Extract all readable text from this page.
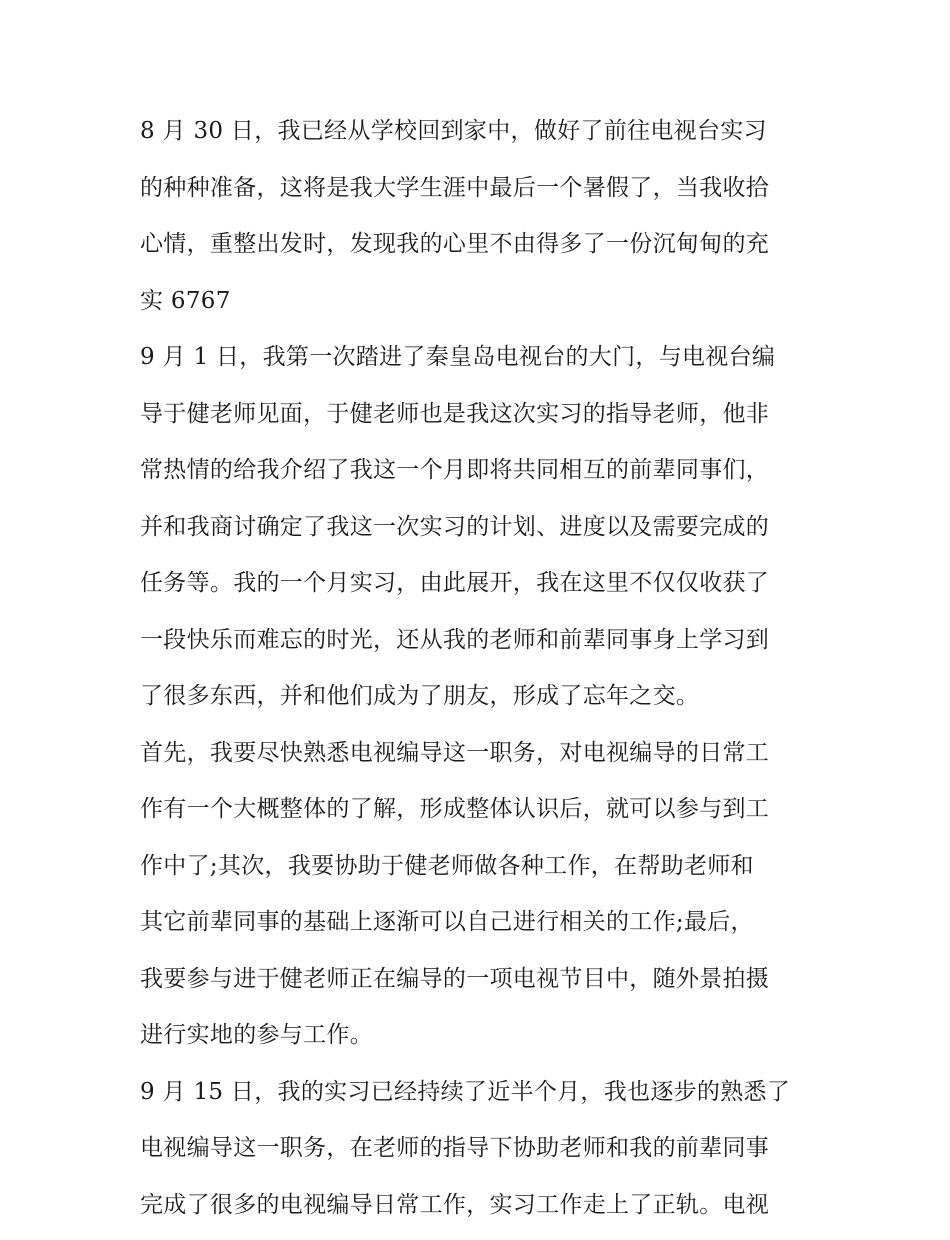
8 月 30 日，我已经从学校回到家中，做好了前往电视台实习
的种种准备，这将是我大学生涯中最后一个暑假了，当我收拾
心情，重整出发时，发现我的心里不由得多了一份沉甸甸的充
实 6767
9 月 1 日，我第一次踏进了秦皇岛电视台的大门，与电视台编
导于健老师见面，于健老师也是我这次实习的指导老师，他非
常热情的给我介绍了我这一个月即将共同相互的前辈同事们，
并和我商讨确定了我这一次实习的计划、进度以及需要完成的
任务等。我的一个月实习，由此展开，我在这里不仅仅收获了
一段快乐而难忘的时光，还从我的老师和前辈同事身上学习到
了很多东西，并和他们成为了朋友，形成了忘年之交。
首先，我要尽快熟悉电视编导这一职务，对电视编导的日常工
作有一个大概整体的了解，形成整体认识后，就可以参与到工
作中了;其次，我要协助于健老师做各种工作，在帮助老师和
其它前辈同事的基础上逐渐可以自己进行相关的工作;最后，
我要参与进于健老师正在编导的一项电视节目中，随外景拍摄
进行实地的参与工作。
9 月 15 日，我的实习已经持续了近半个月，我也逐步的熟悉了
电视编导这一职务，在老师的指导下协助老师和我的前辈同事
完成了很多的电视编导日常工作，实习工作走上了正轨。电视
